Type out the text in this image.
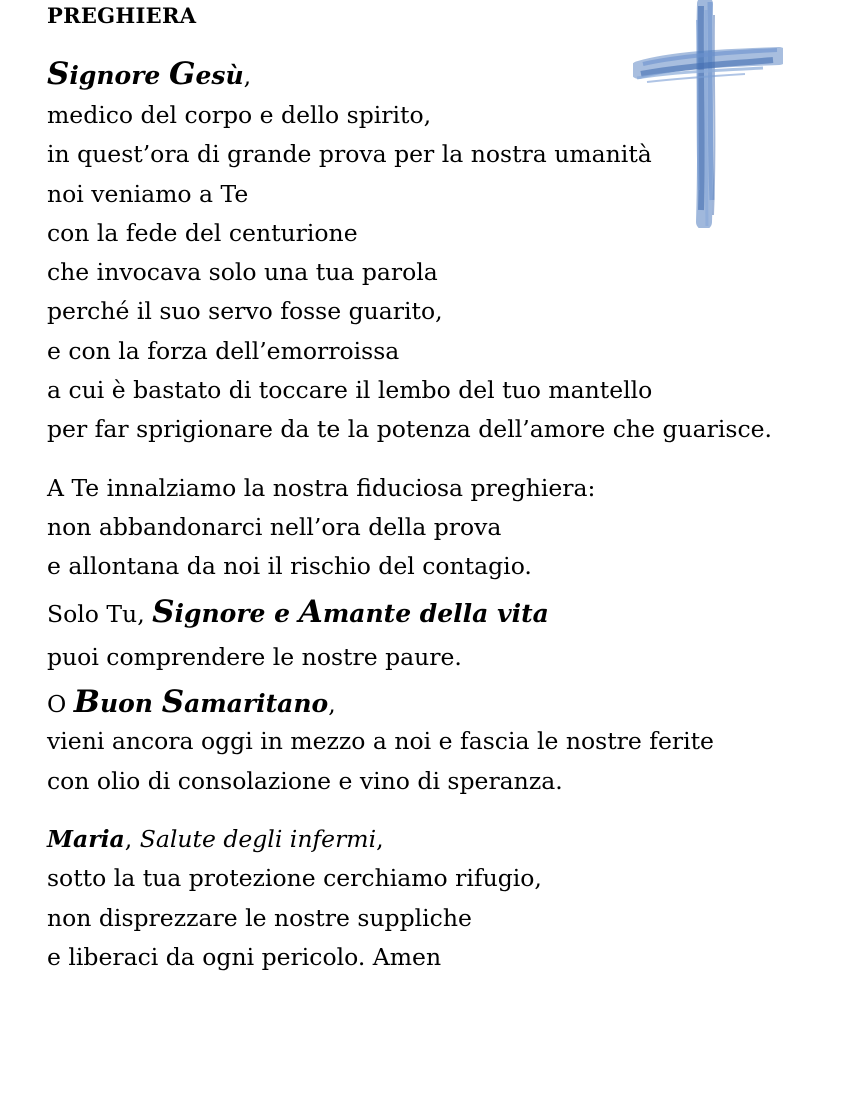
PREGHIERA
Signore Gesù,
medico del corpo e dello spirito,
in quest’ora di grande prova per la nostra umanità
noi veniamo a Te
con la fede del centurione
che invocava solo una tua parola
perché il suo servo fosse guarito,
e con la forza dell’emorroissa
a cui è bastato di toccare il lembo del tuo mantello
per far sprigionare da te la potenza dell’amore che guarisce.
A Te innalziamo la nostra fiduciosa preghiera:
non abbandonarci nell’ora della prova
e allontana da noi il rischio del contagio.
Solo Tu, Signore e Amante della vita
puoi comprendere le nostre paure.
O Buon Samaritano,
vieni ancora oggi in mezzo a noi e fascia le nostre ferite
con olio di consolazione e vino di speranza.
Maria, Salute degli infermi,
sotto la tua protezione cerchiamo rifugio,
non disprezzare le nostre suppliche
e liberaci da ogni pericolo. Amen
